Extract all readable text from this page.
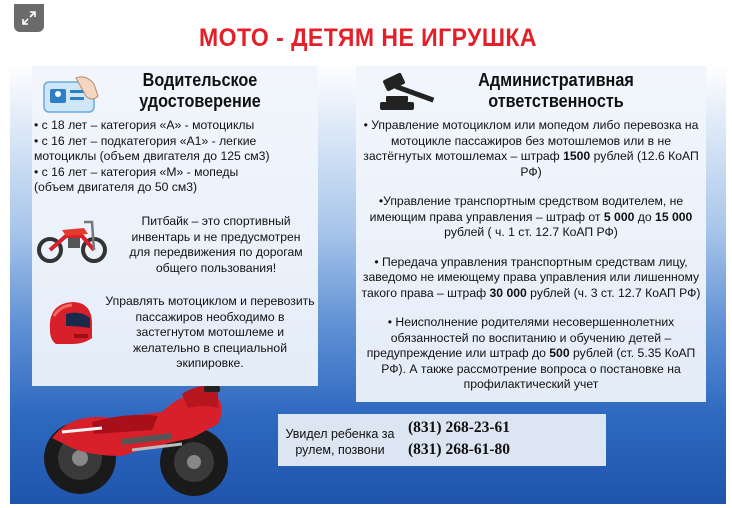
МОТО - ДЕТЯМ НЕ ИГРУШКА
Водительское
удостоверение
• с 18 лет – категория «А» - мотоциклы
• с 16 лет – подкатегория «А1» - легкие
мотоциклы (объем двигателя до 125 см3)
• с 16 лет – категория «М» - мопеды
(объем двигателя до 50 см3)
Питбайк – это спортивный
инвентарь и не предусмотрен
для передвижения по дорогам
общего пользования!
Управлять мотоциклом и перевозить
пассажиров необходимо в
застегнутом мотошлеме и
желательно в специальной
экипировке.
Административная
ответственность
• Управление мотоциклом или мопедом либо перевозка на
мотоцикле пассажиров без мотошлемов или в не
застёгнутых мотошлемах – штраф 1500 рублей (12.6 КоАП
РФ)
•Управление транспортным средством водителем, не
имеющим права управления – штраф от 5 000 до 15 000
рублей ( ч. 1 ст. 12.7 КоАП РФ)
• Передача управления транспортным средствам лицу,
заведомо не имеющему права управления или лишенному
такого права – штраф 30 000 рублей (ч. 3 ст. 12.7 КоАП РФ)
• Неисполнение родителями несовершеннолетних
обязанностей по воспитанию и обучению детей –
предупреждение или штраф до 500 рублей (ст. 5.35 КоАП
РФ). А также рассмотрение вопроса о постановке на
профилактический учет
Увидел ребенка за
рулем, позвони
(831) 268-23-61
(831) 268-61-80
